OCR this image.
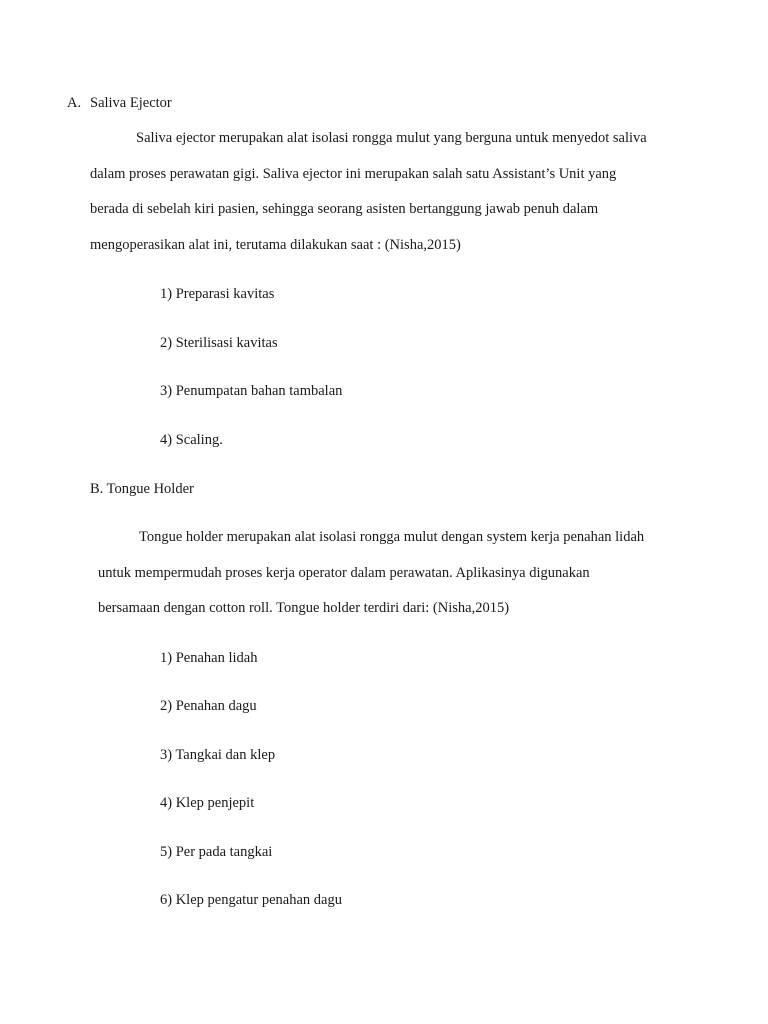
A. Saliva Ejector
Saliva ejector merupakan alat isolasi rongga mulut yang berguna untuk menyedot saliva
dalam proses perawatan gigi. Saliva ejector ini merupakan salah satu Assistant’s Unit yang
berada di sebelah kiri pasien, sehingga seorang asisten bertanggung jawab penuh dalam
mengoperasikan alat ini, terutama dilakukan saat : (Nisha,2015)
1) Preparasi kavitas
2) Sterilisasi kavitas
3) Penumpatan bahan tambalan
4) Scaling.
B. Tongue Holder
Tongue holder merupakan alat isolasi rongga mulut dengan system kerja penahan lidah
untuk mempermudah proses kerja operator dalam perawatan. Aplikasinya digunakan
bersamaan dengan cotton roll. Tongue holder terdiri dari: (Nisha,2015)
1) Penahan lidah
2) Penahan dagu
3) Tangkai dan klep
4) Klep penjepit
5) Per pada tangkai
6) Klep pengatur penahan dagu
